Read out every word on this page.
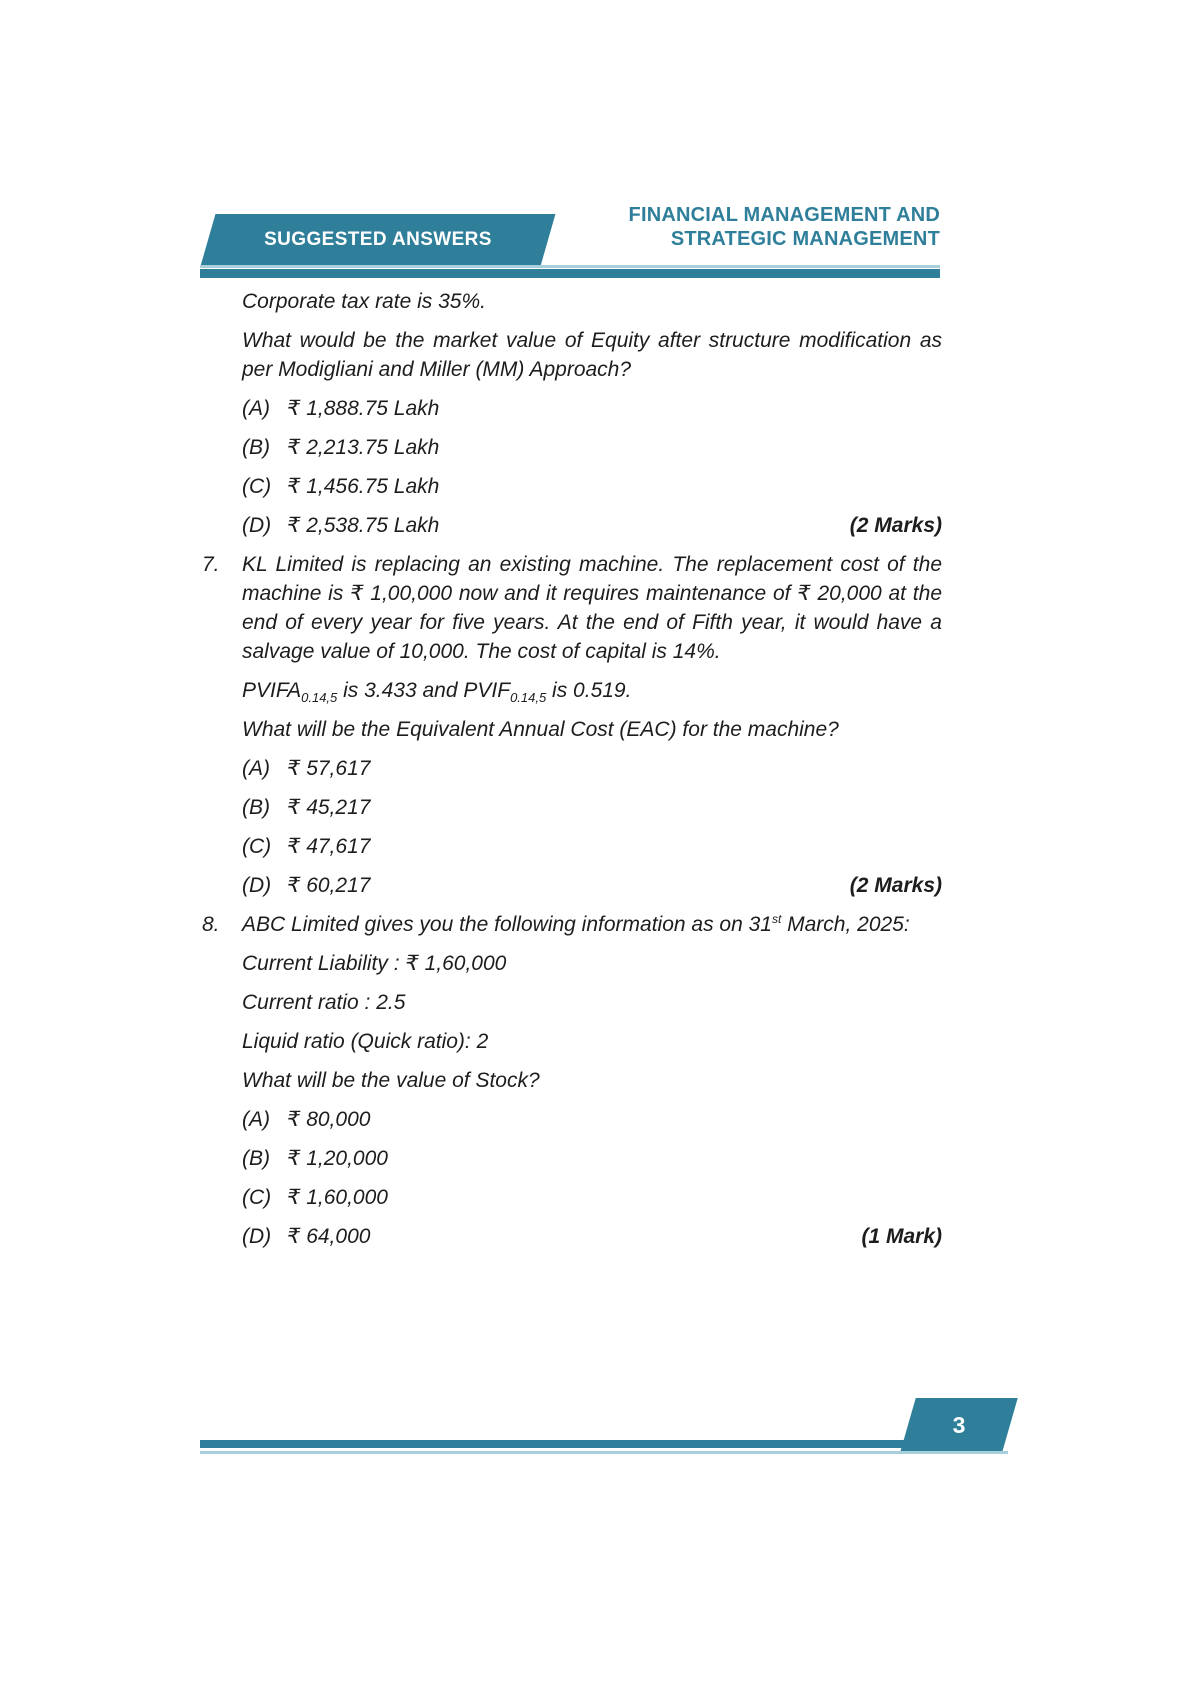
SUGGESTED ANSWERS
FINANCIAL MANAGEMENT AND
STRATEGIC MANAGEMENT

Corporate tax rate is 35%.

What would be the market value of Equity after structure modification as per Modigliani and Miller (MM) Approach?

(A) ₹ 1,888.75 Lakh
(B) ₹ 2,213.75 Lakh
(C) ₹ 1,456.75 Lakh
(D) ₹ 2,538.75 Lakh	(2 Marks)
7. KL Limited is replacing an existing machine. The replacement cost of the machine is ₹ 1,00,000 now and it requires maintenance of ₹ 20,000 at the end of every year for five years. At the end of Fifth year, it would have a salvage value of 10,000. The cost of capital is 14%.

$PVIFA_{0.14,5}$ is 3.433 and $PVIF_{0.14,5}$ is 0.519.

What will be the Equivalent Annual Cost (EAC) for the machine?

(A) ₹ 57,617
(B) ₹ 45,217
(C) ₹ 47,617
(D) ₹ 60,217	(2 Marks)
8. ABC Limited gives you the following information as on 31st March, 2025:

Current Liability : ₹ 1,60,000

Current ratio : 2.5

Liquid ratio (Quick ratio): 2

What will be the value of Stock?

(A) ₹ 80,000
(B) ₹ 1,20,000
(C) ₹ 1,60,000
(D) ₹ 64,000	(1 Mark)
3
